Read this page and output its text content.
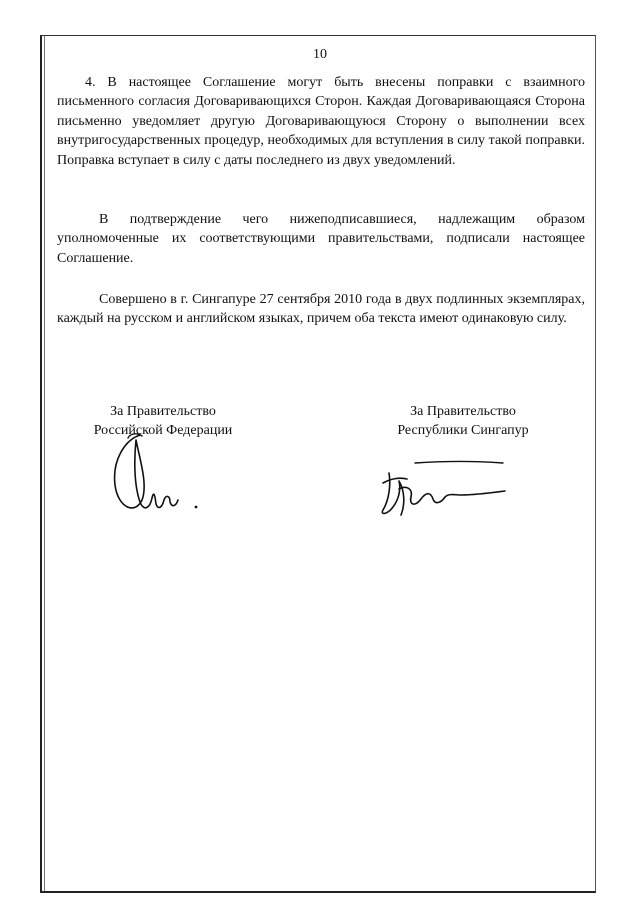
10

4. В настоящее Соглашение могут быть внесены поправки с взаимного письменного согласия Договаривающихся Сторон. Каждая Договаривающаяся Сторона письменно уведомляет другую Договаривающуюся Сторону о выполнении всех внутригосударственных процедур, необходимых для вступления в силу такой поправки. Поправка вступает в силу с даты последнего из двух уведомлений.

В подтверждение чего нижеподписавшиеся, надлежащим образом уполномоченные их соответствующими правительствами, подписали настоящее Соглашение.

Совершено в г. Сингапуре 27 сентября 2010 года в двух подлинных экземплярах, каждый на русском и английском языках, причем оба текста имеют одинаковую силу.

За Правительство
Российской Федерации
За Правительство
Республики Сингапур
